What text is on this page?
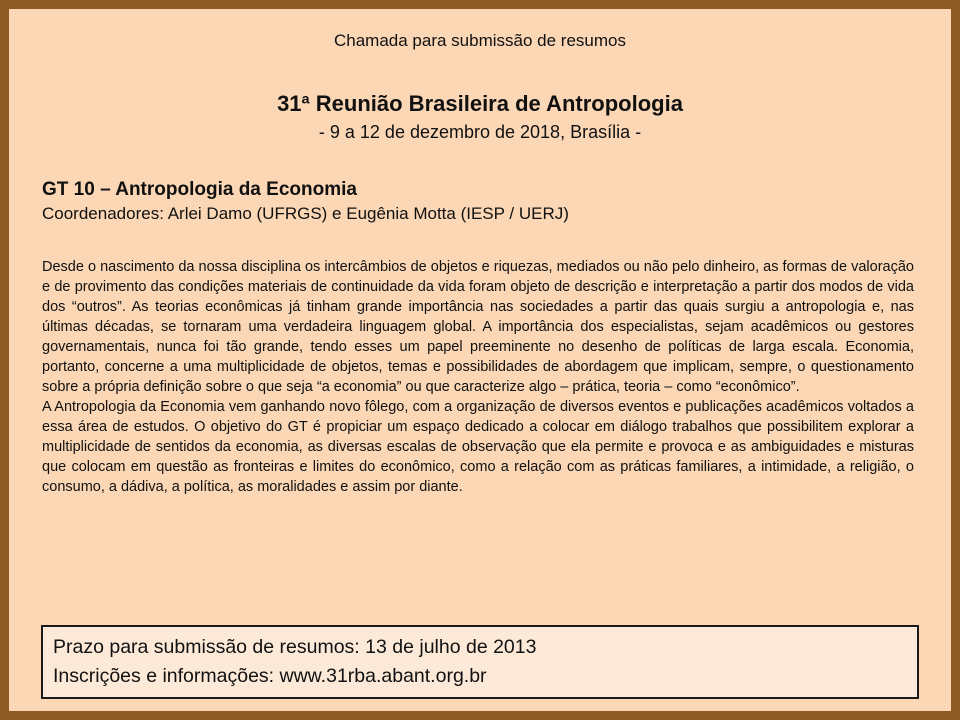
Chamada para submissão de resumos
31ª Reunião Brasileira de Antropologia
- 9 a 12 de dezembro de 2018, Brasília -
GT 10 – Antropologia da Economia
Coordenadores: Arlei Damo (UFRGS) e Eugênia Motta (IESP / UERJ)

Desde o nascimento da nossa disciplina os intercâmbios de objetos e riquezas, mediados ou não pelo dinheiro, as formas de valoração e de provimento das condições materiais de continuidade da vida foram objeto de descrição e interpretação a partir dos modos de vida dos “outros”. As teorias econômicas já tinham grande importância nas sociedades a partir das quais surgiu a antropologia e, nas últimas décadas, se tornaram uma verdadeira linguagem global. A importância dos especialistas, sejam acadêmicos ou gestores governamentais, nunca foi tão grande, tendo esses um papel preeminente no desenho de políticas de larga escala. Economia, portanto, concerne a uma multiplicidade de objetos, temas e possibilidades de abordagem que implicam, sempre, o questionamento sobre a própria definição sobre o que seja “a economia” ou que caracterize algo – prática, teoria – como “econômico”.

A Antropologia da Economia vem ganhando novo fôlego, com a organização de diversos eventos e publicações acadêmicos voltados a essa área de estudos. O objetivo do GT é propiciar um espaço dedicado a colocar em diálogo trabalhos que possibilitem explorar a multiplicidade de sentidos da economia, as diversas escalas de observação que ela permite e provoca e as ambiguidades e misturas que colocam em questão as fronteiras e limites do econômico, como a relação com as práticas familiares, a intimidade, a religião, o consumo, a dádiva, a política, as moralidades e assim por diante.

Prazo para submissão de resumos: 13 de julho de 2013
Inscrições e informações: www.31rba.abant.org.br
